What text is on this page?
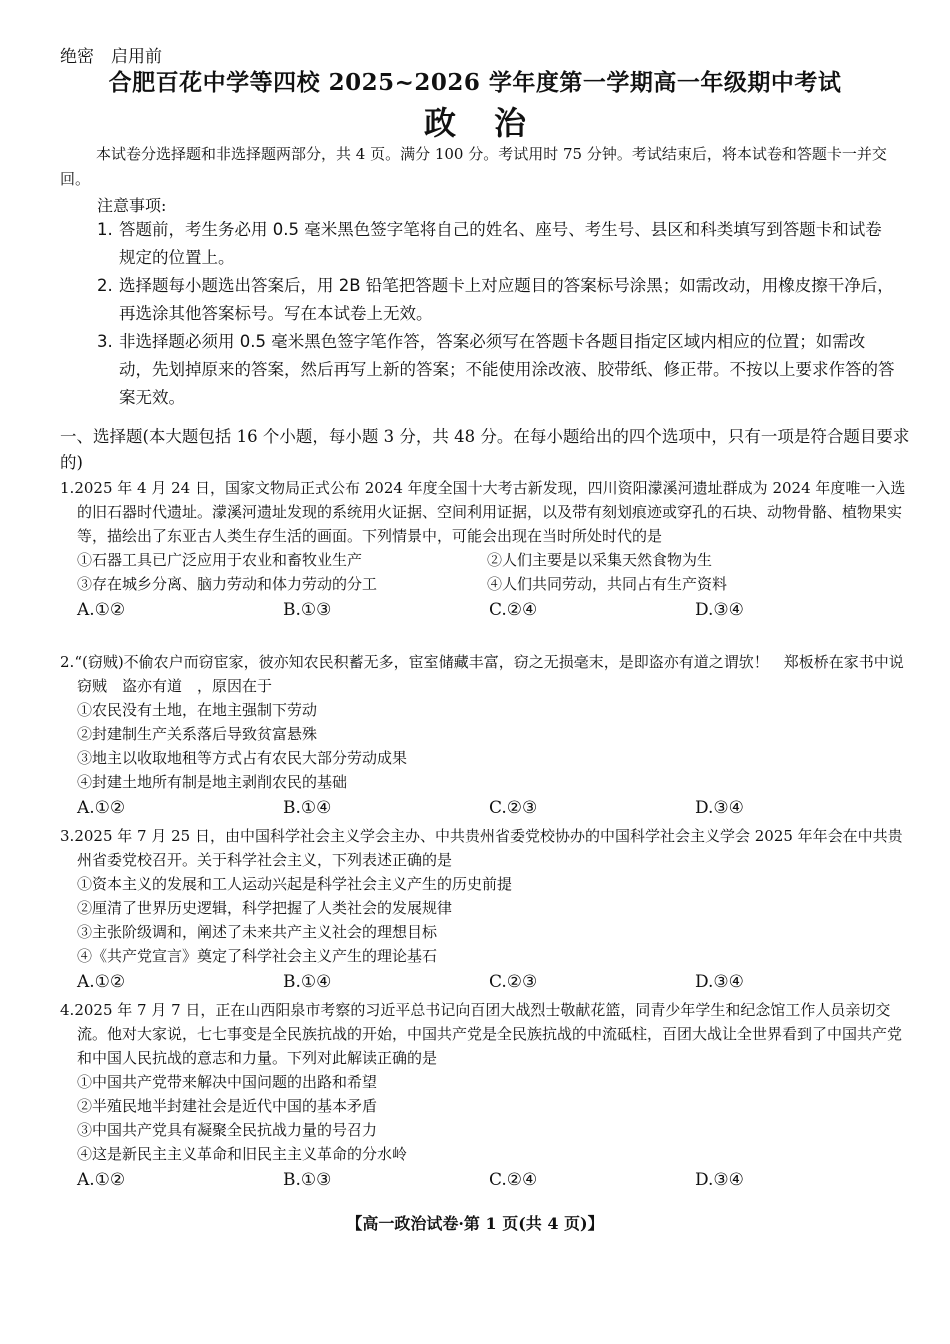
绝密　启用前
合肥百花中学等四校 2025~2026 学年度第一学期高一年级期中考试
政治
本试卷分选择题和非选择题两部分，共 4 页。满分 100 分。考试用时 75 分钟。考试结束后，将本试卷和答题卡一并交回。
注意事项:
1. 答题前，考生务必用 0.5 毫米黑色签字笔将自己的姓名、座号、考生号、县区和科类填写到答题卡和试卷规定的位置上。
2. 选择题每小题选出答案后，用 2B 铅笔把答题卡上对应题目的答案标号涂黑；如需改动，用橡皮擦干净后，再选涂其他答案标号。写在本试卷上无效。
3. 非选择题必须用 0.5 毫米黑色签字笔作答，答案必须写在答题卡各题目指定区域内相应的位置；如需改动，先划掉原来的答案，然后再写上新的答案；不能使用涂改液、胶带纸、修正带。不按以上要求作答的答案无效。
一、选择题(本大题包括 16 个小题，每小题 3 分，共 48 分。在每小题给出的四个选项中，只有一项是符合题目要求的)
1.2025 年 4 月 24 日，国家文物局正式公布 2024 年度全国十大考古新发现，四川资阳濛溪河遗址群成为 2024 年度唯一入选的旧石器时代遗址。濛溪河遗址发现的系统用火证据、空间利用证据，以及带有刻划痕迹或穿孔的石块、动物骨骼、植物果实等，描绘出了东亚古人类生存生活的画面。下列情景中，可能会出现在当时所处时代的是
①石器工具已广泛应用于农业和畜牧业生产	②人们主要是以采集天然食物为生
③存在城乡分离、脑力劳动和体力劳动的分工	④人们共同劳动，共同占有生产资料
A.①②	B.①③	C.②④	D.③④
2.“(窃贼)不偷农户而窃宦家，彼亦知农民积蓄无多，宦室储藏丰富，窃之无损毫末，是即盗亦有道之谓欤！　郑板桥在家书中说窃贼　盗亦有道　，原因在于
①农民没有土地，在地主强制下劳动
②封建制生产关系落后导致贫富悬殊
③地主以收取地租等方式占有农民大部分劳动成果
④封建土地所有制是地主剥削农民的基础
A.①②	B.①④	C.②③	D.③④
3.2025 年 7 月 25 日，由中国科学社会主义学会主办、中共贵州省委党校协办的中国科学社会主义学会 2025 年年会在中共贵州省委党校召开。关于科学社会主义，下列表述正确的是
①资本主义的发展和工人运动兴起是科学社会主义产生的历史前提
②厘清了世界历史逻辑，科学把握了人类社会的发展规律
③主张阶级调和，阐述了未来共产主义社会的理想目标
④《共产党宣言》奠定了科学社会主义产生的理论基石
A.①②	B.①④	C.②③	D.③④
4.2025 年 7 月 7 日，正在山西阳泉市考察的习近平总书记向百团大战烈士敬献花篮，同青少年学生和纪念馆工作人员亲切交流。他对大家说，七七事变是全民族抗战的开始，中国共产党是全民族抗战的中流砥柱，百团大战让全世界看到了中国共产党和中国人民抗战的意志和力量。下列对此解读正确的是
①中国共产党带来解决中国问题的出路和希望
②半殖民地半封建社会是近代中国的基本矛盾
③中国共产党具有凝聚全民抗战力量的号召力
④这是新民主主义革命和旧民主主义革命的分水岭
A.①②	B.①③	C.②④	D.③④
【高一政治试卷·第 1 页(共 4 页)】
